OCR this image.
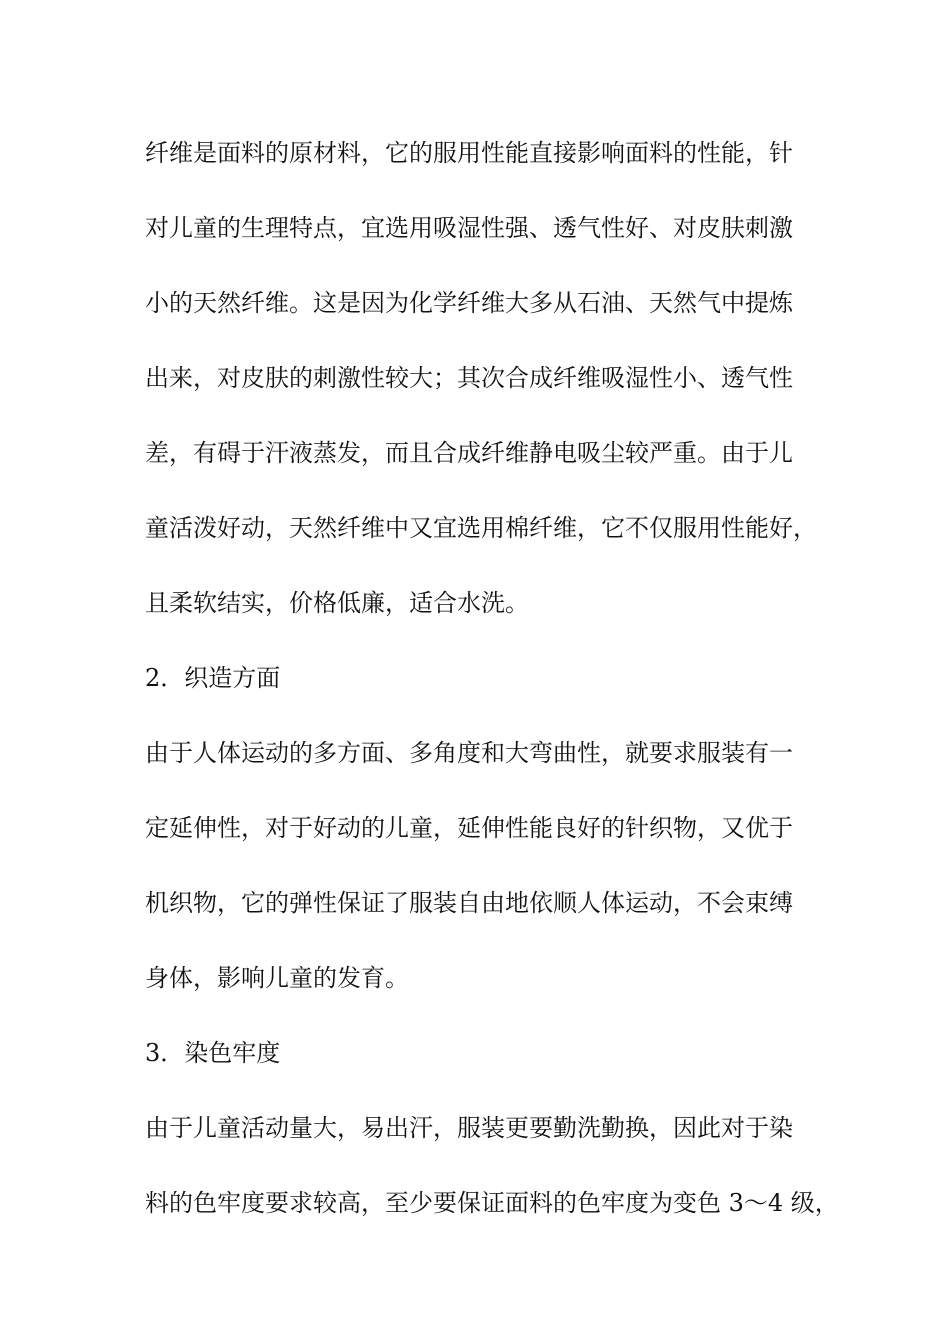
纤维是面料的原材料，它的服用性能直接影响面料的性能，针
对儿童的生理特点，宜选用吸湿性强、透气性好、对皮肤刺激
小的天然纤维。这是因为化学纤维大多从石油、天然气中提炼
出来，对皮肤的刺激性较大；其次合成纤维吸湿性小、透气性
差，有碍于汗液蒸发，而且合成纤维静电吸尘较严重。由于儿
童活泼好动，天然纤维中又宜选用棉纤维，它不仅服用性能好，
且柔软结实，价格低廉，适合水洗。
2．织造方面
由于人体运动的多方面、多角度和大弯曲性，就要求服装有一
定延伸性，对于好动的儿童，延伸性能良好的针织物，又优于
机织物，它的弹性保证了服装自由地依顺人体运动，不会束缚
身体，影响儿童的发育。
3．染色牢度
由于儿童活动量大，易出汗，服装更要勤洗勤换，因此对于染
料的色牢度要求较高，至少要保证面料的色牢度为变色 3～4 级，
